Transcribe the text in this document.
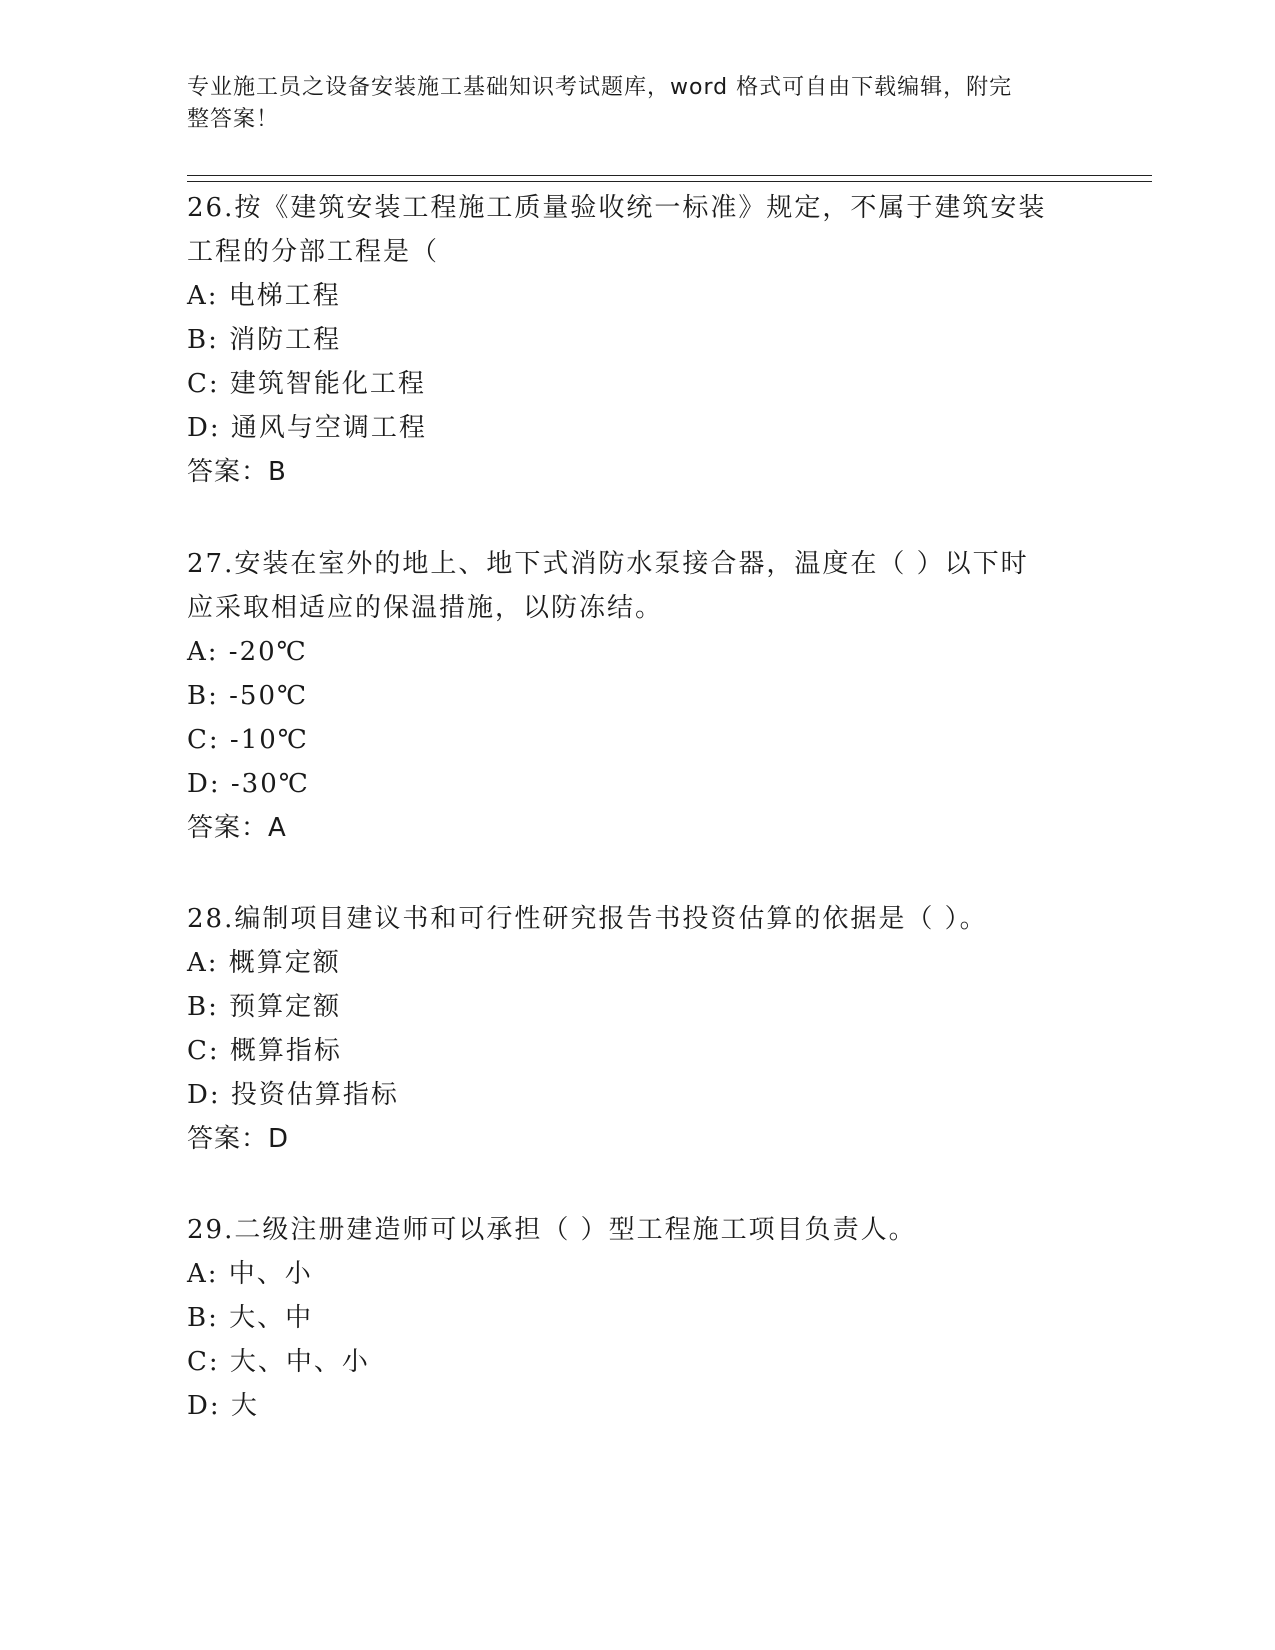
专业施工员之设备安装施工基础知识考试题库，word 格式可自由下载编辑，附完
整答案！
26.按《建筑安装工程施工质量验收统一标准》规定，不属于建筑安装
工程的分部工程是（
A: 电梯工程
B: 消防工程
C: 建筑智能化工程
D: 通风与空调工程
答案：B
27.安装在室外的地上、地下式消防水泵接合器，温度在（ ）以下时
应采取相适应的保温措施，以防冻结。
A: -20℃
B: -50℃
C: -10℃
D: -30℃
答案：A
28.编制项目建议书和可行性研究报告书投资估算的依据是（ ）。
A: 概算定额
B: 预算定额
C: 概算指标
D: 投资估算指标
答案：D
29.二级注册建造师可以承担（ ）型工程施工项目负责人。
A: 中、小
B: 大、中
C: 大、中、小
D: 大
